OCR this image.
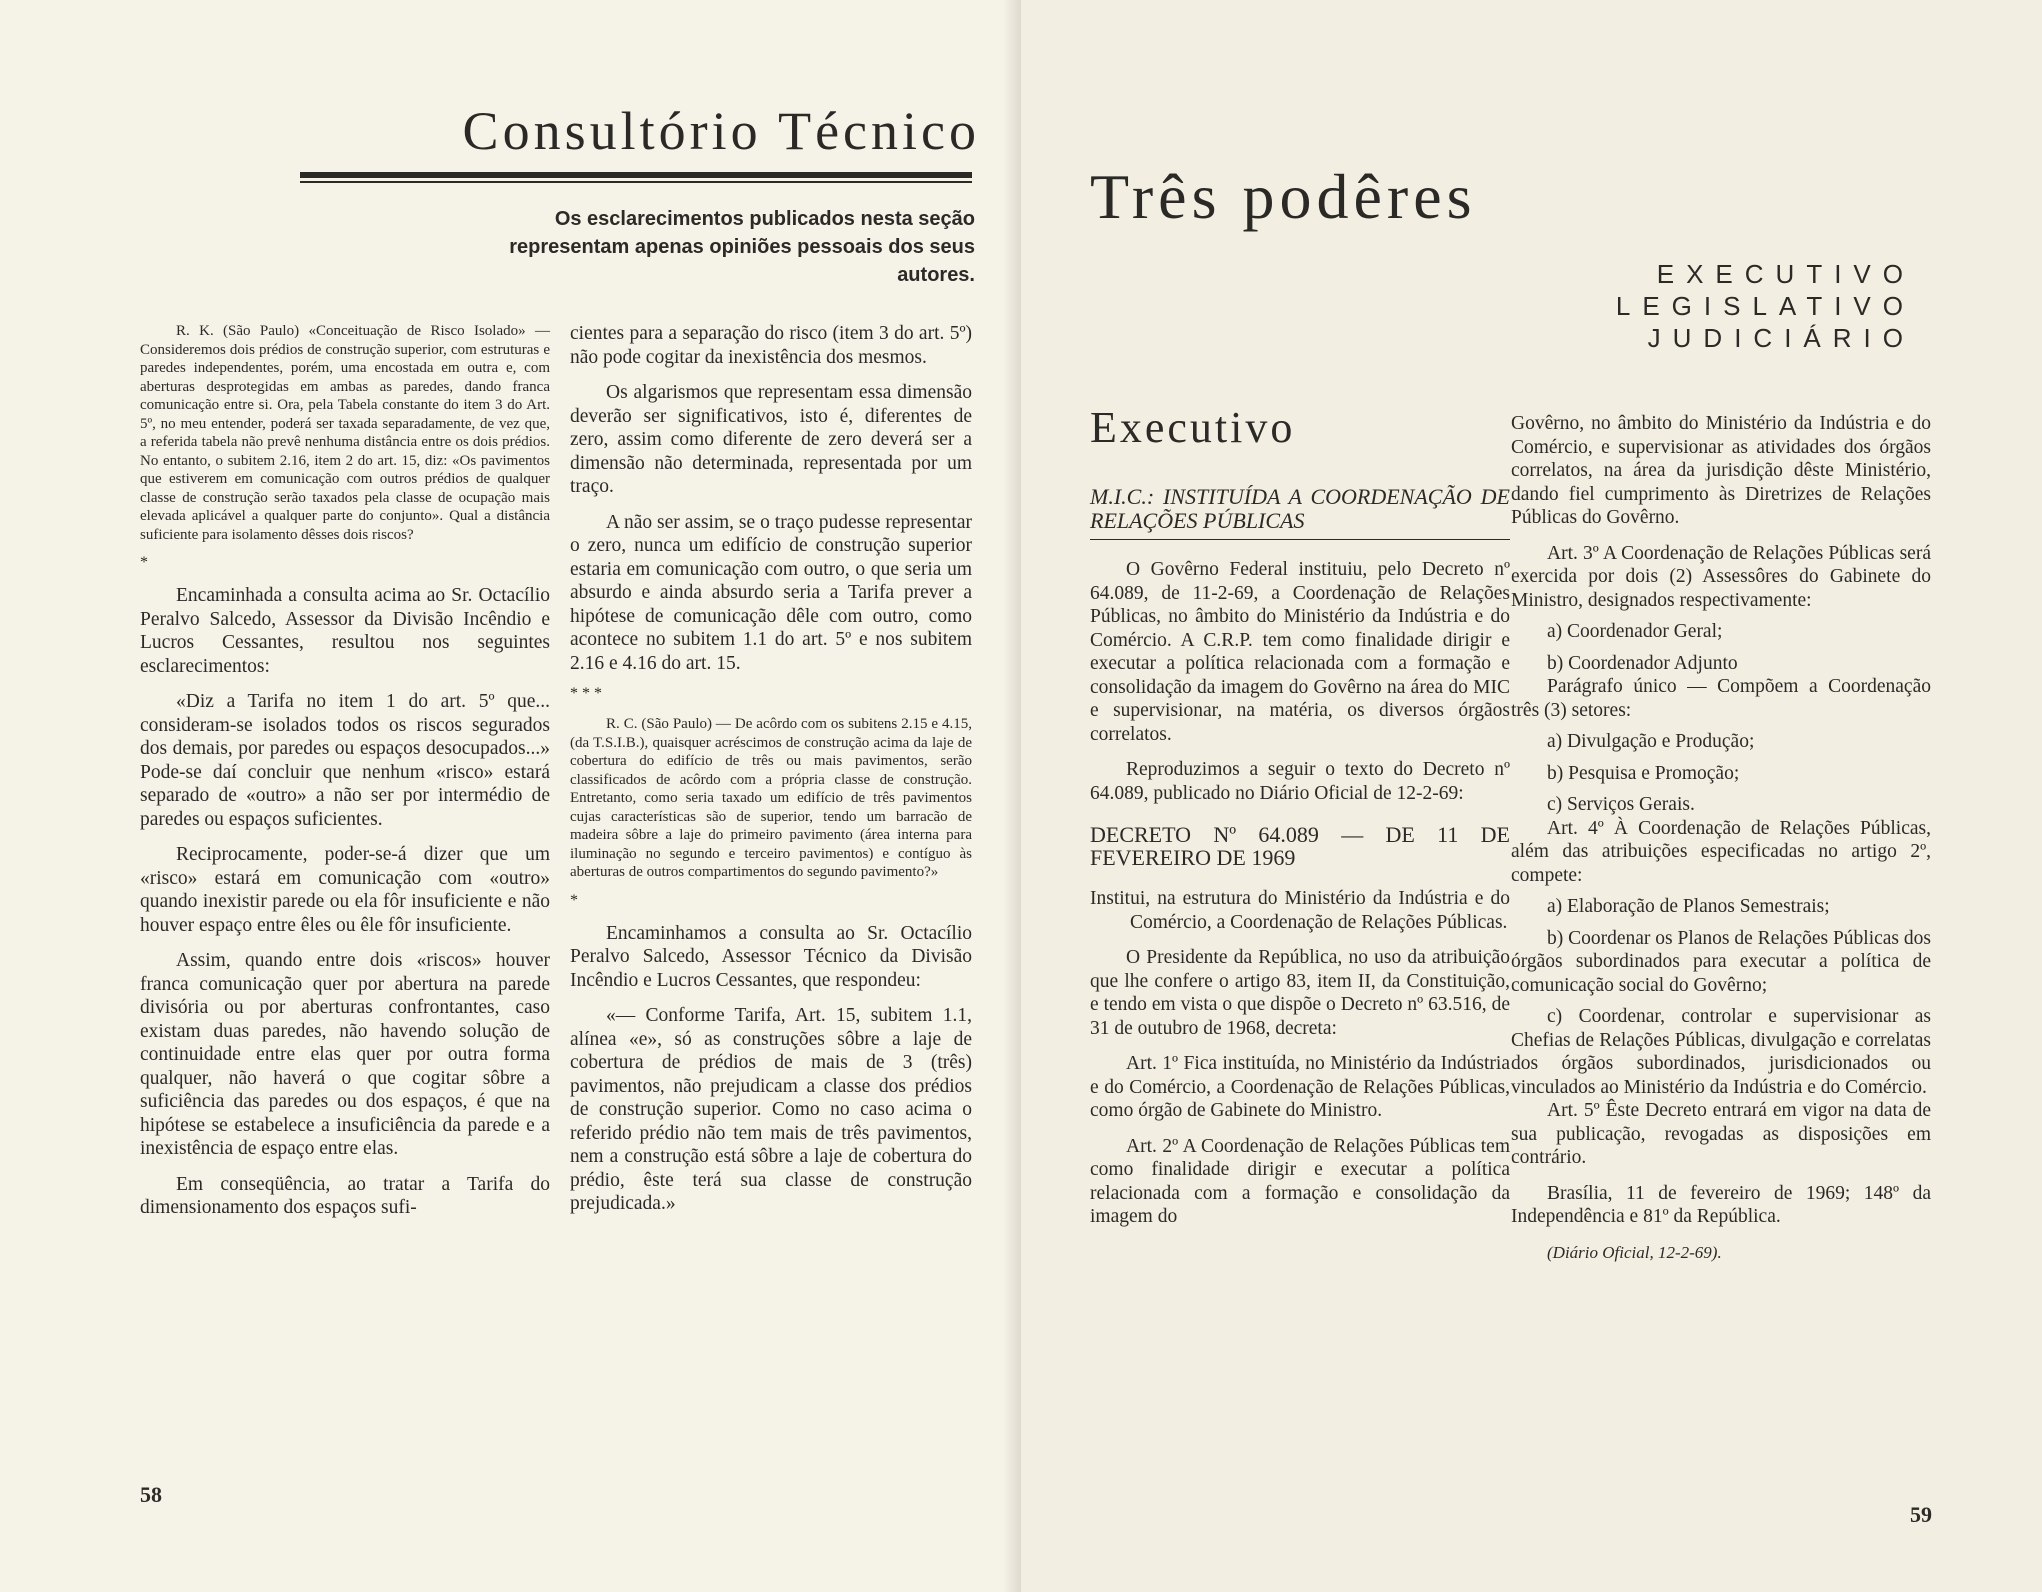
Consultório Técnico
Os esclarecimentos publicados nesta seção representam apenas opiniões pessoais dos seus autores.

R. K. (São Paulo) «Conceituação de Risco Isolado» — Consideremos dois prédios de construção superior, com estruturas e paredes independentes, porém, uma encostada em outra e, com aberturas desprotegidas em ambas as paredes, dando franca comunicação entre si. Ora, pela Tabela constante do item 3 do Art. 5º, no meu entender, poderá ser taxada separadamente, de vez que, a referida tabela não prevê nenhuma distância entre os dois prédios. No entanto, o subitem 2.16, item 2 do art. 15, diz: «Os pavimentos que estiverem em comunicação com outros prédios de qualquer classe de construção serão taxados pela classe de ocupação mais elevada aplicável a qualquer parte do conjunto». Qual a distância suficiente para isolamento dêsses dois riscos?

*

Encaminhada a consulta acima ao Sr. Octacílio Peralvo Salcedo, Assessor da Divisão Incêndio e Lucros Cessantes, resultou nos seguintes esclarecimentos:

«Diz a Tarifa no item 1 do art. 5º que... consideram-se isolados todos os riscos segurados dos demais, por paredes ou espaços desocupados...» Pode-se daí concluir que nenhum «risco» estará separado de «outro» a não ser por intermédio de paredes ou espaços suficientes.

Reciprocamente, poder-se-á dizer que um «risco» estará em comunicação com «outro» quando inexistir parede ou ela fôr insuficiente e não houver espaço entre êles ou êle fôr insuficiente.

Assim, quando entre dois «riscos» houver franca comunicação quer por abertura na parede divisória ou por aberturas confrontantes, caso existam duas paredes, não havendo solução de continuidade entre elas quer por outra forma qualquer, não haverá o que cogitar sôbre a suficiência das paredes ou dos espaços, é que na hipótese se estabelece a insuficiência da parede e a inexistência de espaço entre elas.

Em conseqüência, ao tratar a Tarifa do dimensionamento dos espaços sufi-

cientes para a separação do risco (item 3 do art. 5º) não pode cogitar da inexistência dos mesmos.

Os algarismos que representam essa dimensão deverão ser significativos, isto é, diferentes de zero, assim como diferente de zero deverá ser a dimensão não determinada, representada por um traço.

A não ser assim, se o traço pudesse representar o zero, nunca um edifício de construção superior estaria em comunicação com outro, o que seria um absurdo e ainda absurdo seria a Tarifa prever a hipótese de comunicação dêle com outro, como acontece no subitem 1.1 do art. 5º e nos subitem 2.16 e 4.16 do art. 15.

* * *

R. C. (São Paulo) — De acôrdo com os subitens 2.15 e 4.15, (da T.S.I.B.), quaisquer acréscimos de construção acima da laje de cobertura do edifício de três ou mais pavimentos, serão classificados de acôrdo com a própria classe de construção. Entretanto, como seria taxado um edifício de três pavimentos cujas características são de superior, tendo um barracão de madeira sôbre a laje do primeiro pavimento (área interna para iluminação no segundo e terceiro pavimentos) e contíguo às aberturas de outros compartimentos do segundo pavimento?»

*

Encaminhamos a consulta ao Sr. Octacílio Peralvo Salcedo, Assessor Técnico da Divisão Incêndio e Lucros Cessantes, que respondeu:

«— Conforme Tarifa, Art. 15, subitem 1.1, alínea «e», só as construções sôbre a laje de cobertura de prédios de mais de 3 (três) pavimentos, não prejudicam a classe dos prédios de construção superior. Como no caso acima o referido prédio não tem mais de três pavimentos, nem a construção está sôbre a laje de cobertura do prédio, êste terá sua classe de construção prejudicada.»

58
Três podêres
EXECUTIVO
LEGISLATIVO
JUDICIÁRIO
Executivo

M.I.C.: INSTITUÍDA A COORDENAÇÃO DE RELAÇÕES PÚBLICAS

O Govêrno Federal instituiu, pelo Decreto nº 64.089, de 11-2-69, a Coordenação de Relações Públicas, no âmbito do Ministério da Indústria e do Comércio. A C.R.P. tem como finalidade dirigir e executar a política relacionada com a formação e consolidação da imagem do Govêrno na área do MIC e supervisionar, na matéria, os diversos órgãos correlatos.

Reproduzimos a seguir o texto do Decreto nº 64.089, publicado no Diário Oficial de 12-2-69:

DECRETO Nº 64.089 — DE 11 DE FEVEREIRO DE 1969

Institui, na estrutura do Ministério da Indústria e do Comércio, a Coordenação de Relações Públicas.

O Presidente da República, no uso da atribuição que lhe confere o artigo 83, item II, da Constituição, e tendo em vista o que dispõe o Decreto nº 63.516, de 31 de outubro de 1968, decreta:

Art. 1º Fica instituída, no Ministério da Indústria e do Comércio, a Coordenação de Relações Públicas, como órgão de Gabinete do Ministro.

Art. 2º A Coordenação de Relações Públicas tem como finalidade dirigir e executar a política relacionada com a formação e consolidação da imagem do

Govêrno, no âmbito do Ministério da Indústria e do Comércio, e supervisionar as atividades dos órgãos correlatos, na área da jurisdição dêste Ministério, dando fiel cumprimento às Diretrizes de Relações Públicas do Govêrno.

Art. 3º A Coordenação de Relações Públicas será exercida por dois (2) Assessôres do Gabinete do Ministro, designados respectivamente:

a) Coordenador Geral;

b) Coordenador Adjunto

Parágrafo único — Compõem a Coordenação três (3) setores:

a) Divulgação e Produção;

b) Pesquisa e Promoção;

c) Serviços Gerais.

Art. 4º À Coordenação de Relações Públicas, além das atribuições especificadas no artigo 2º, compete:

a) Elaboração de Planos Semestrais;

b) Coordenar os Planos de Relações Públicas dos órgãos subordinados para executar a política de comunicação social do Govêrno;

c) Coordenar, controlar e supervisionar as Chefias de Relações Públicas, divulgação e correlatas dos órgãos subordinados, jurisdicionados ou vinculados ao Ministério da Indústria e do Comércio.

Art. 5º Êste Decreto entrará em vigor na data de sua publicação, revogadas as disposições em contrário.

Brasília, 11 de fevereiro de 1969; 148º da Independência e 81º da República.

(Diário Oficial, 12-2-69).

59
